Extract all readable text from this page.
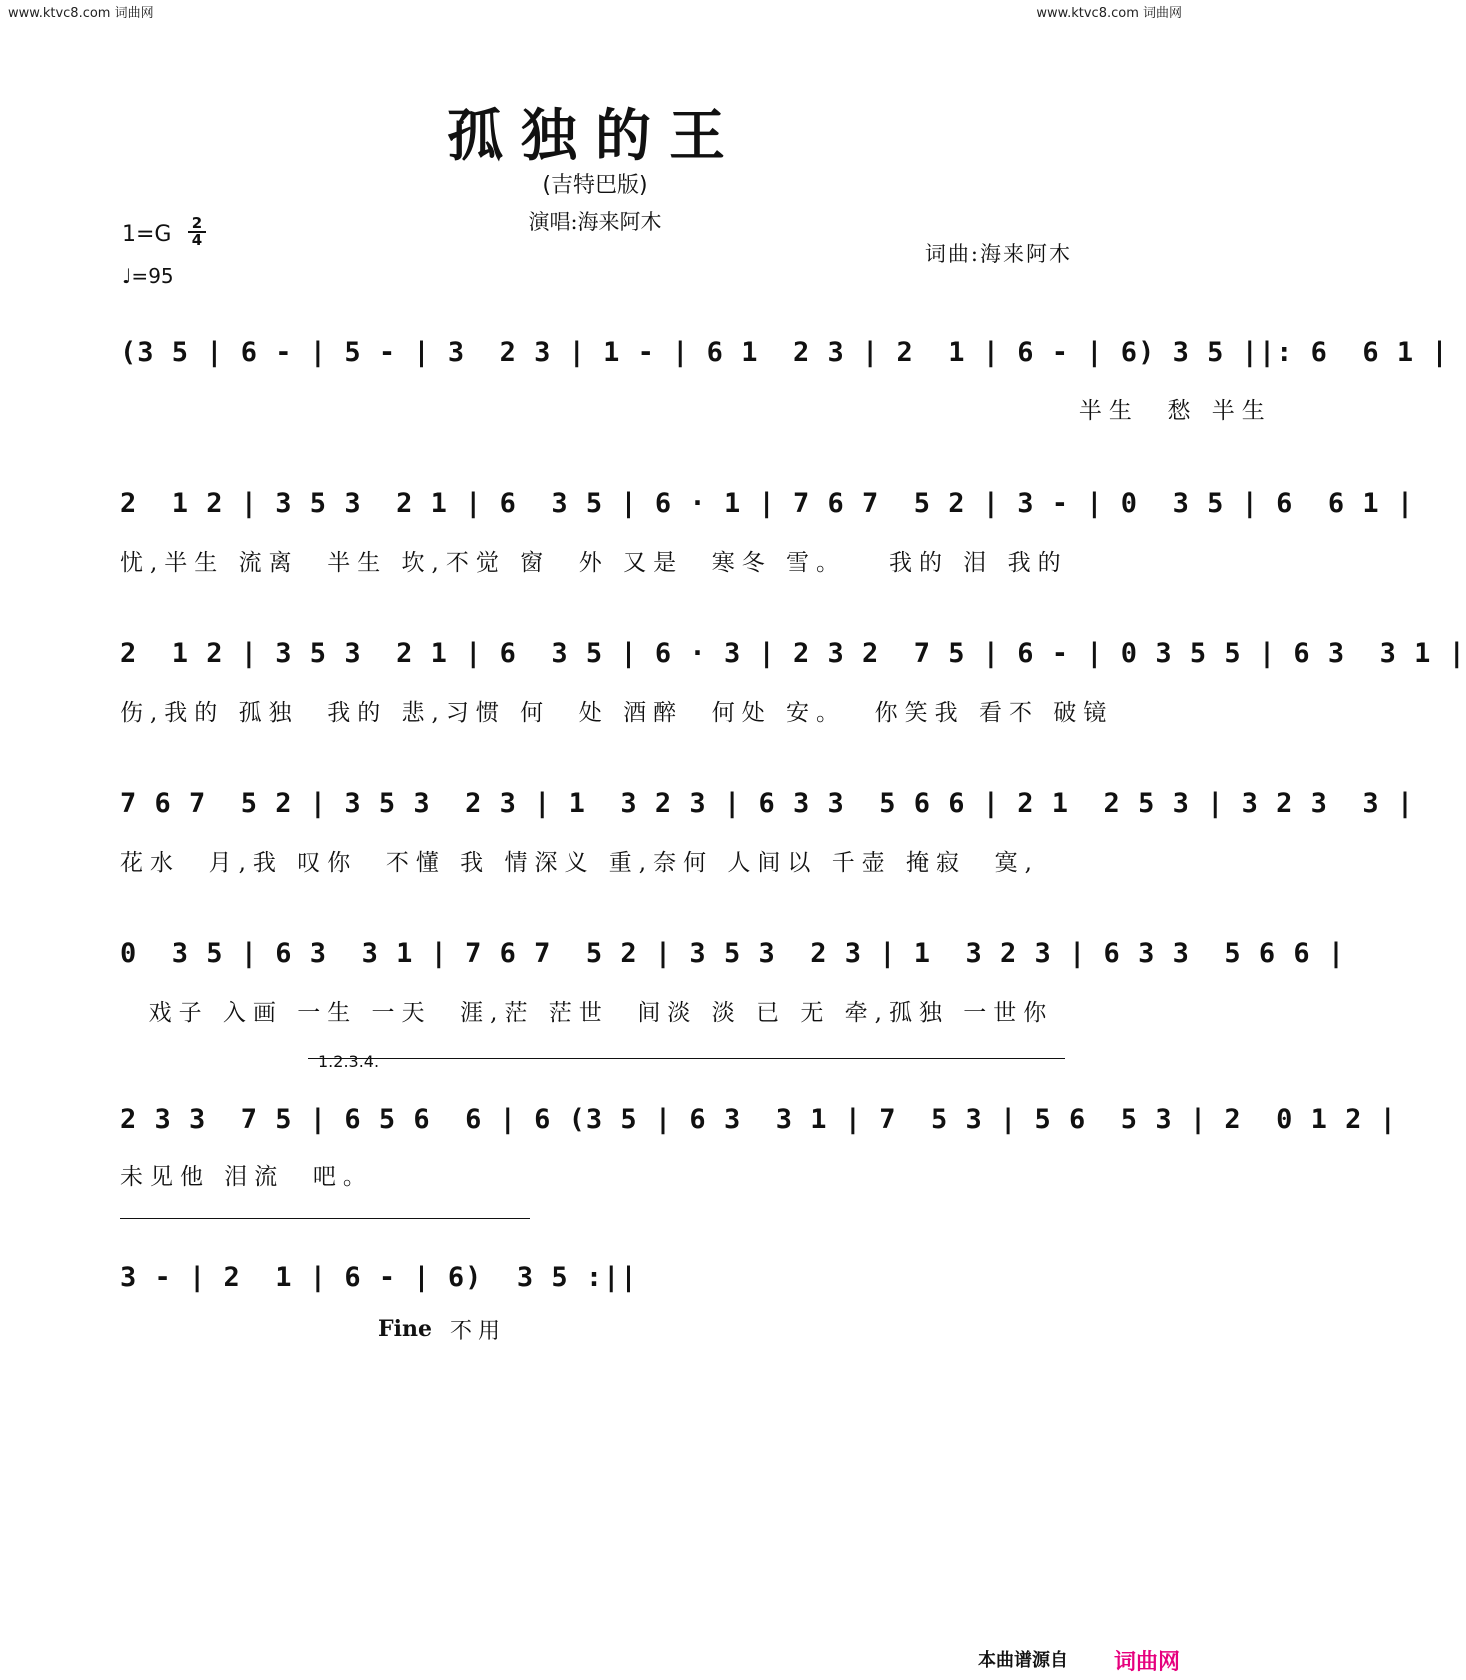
www.ktvc8.com 词曲网	www.ktvc8.com 词曲网
孤独的王
(吉特巴版)
演唱:海来阿木
$1=G \frac{2}{4}$
♩=95
词曲:海来阿木
(3 5 | 6 - | 5 - | 3  2 3 | 1 - | 6 1  2 3 | 2  1 | 6 - | 6) 3 5 ||: 6  6 1 |
半生  愁 半生
2  1 2 | 3 5 3  2 1 | 6  3 5 | 6 · 1 | 7 6 7  5 2 | 3 - | 0  3 5 | 6  6 1 |
忧,半生 流离  半生 坎,不觉 窗  外 又是  寒冬 雪。   我的 泪 我的
2  1 2 | 3 5 3  2 1 | 6  3 5 | 6 · 3 | 2 3 2  7 5 | 6 - | 0 3 5 5 | 6 3  3 1 |
伤,我的 孤独  我的 悲,习惯 何  处 酒醉  何处 安。  你笑我 看不 破镜
7 6 7  5 2 | 3 5 3  2 3 | 1  3 2 3 | 6 3 3  5 6 6 | 2 1  2 5 3 | 3 2 3  3 |
花水  月,我 叹你  不懂 我 情深义 重,奈何 人间以 千壶 掩寂  寞,
0  3 5 | 6 3  3 1 | 7 6 7  5 2 | 3 5 3  2 3 | 1  3 2 3 | 6 3 3  5 6 6 |
戏子 入画 一生 一天  涯,茫 茫世  间淡 淡 已 无 牵,孤独 一世你
1.2.3.4.
2 3 3  7 5 | 6 5 6  6 | 6 (3 5 | 6 3  3 1 | 7  5 3 | 5 6  5 3 | 2  0 1 2 |
未见他 泪流  吧。
3 - | 2  1 | 6 - | 6)  3 5 :||
Fine 不用
本曲谱源自 词曲网
